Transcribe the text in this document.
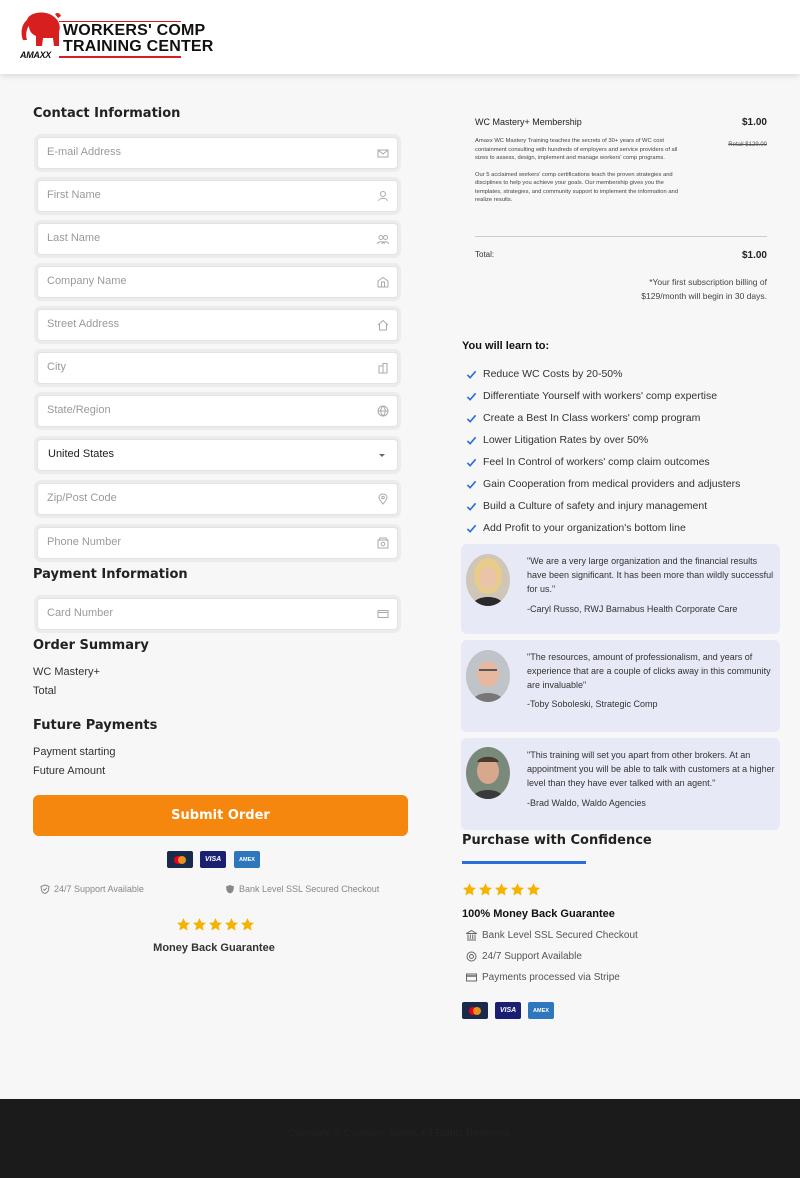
AMAXX
WORKERS' COMP
TRAINING CENTER
Contact Information
E-mail Address
First Name
Last Name
Company Name
Street Address
City
State/Region
United States
Zip/Post Code
Phone Number
Payment Information
Card Number
Order Summary
WC Mastery+
Total
Future Payments
Payment starting
Future Amount
Submit Order
VISA	AMEX
24/7 Support Available	Bank Level SSL Secured Checkout
Money Back Guarantee
WC Mastery+ Membership	$1.00

Amaxx WC Mastery Training teaches the secrets of 30+ years of WC cost containment consulting with hundreds of employers and service providers of all sizes to assess, design, implement and manage workers' comp programs.

Our 5 acclaimed workers' comp certifications teach the proven strategies and disciplines to help you achieve your goals. Our membership gives you the templates, strategies, and community support to implement the information and realize results.

Retail $129.00
Total:	$1.00
*Your first subscription billing of $129/month will begin in 30 days.
You will learn to:
Reduce WC Costs by 20-50%
Differentiate Yourself with workers' comp expertise
Create a Best In Class workers' comp program
Lower Litigation Rates by over 50%
Feel In Control of workers' comp claim outcomes
Gain Cooperation from medical providers and adjusters
Build a Culture of safety and injury management
Add Profit to your organization's bottom line
"We are a very large organization and the financial results have been significant. It has been more than wildly successful for us."
-Caryl Russo, RWJ Barnabus Health Corporate Care
"The resources, amount of professionalism, and years of experience that are a couple of clicks away in this community are invaluable"
-Toby Soboleski, Strategic Comp
"This training will set you apart from other brokers. At an appointment you will be able to talk with customers at a higher level than they have ever talked with an agent."
-Brad Waldo, Waldo Agencies
Purchase with Confidence
100% Money Back Guarantee
Bank Level SSL Secured Checkout
24/7 Support Available
Payments processed via Stripe
VISA	AMEX
Copyright © Company Name. All Rights Reserved.
